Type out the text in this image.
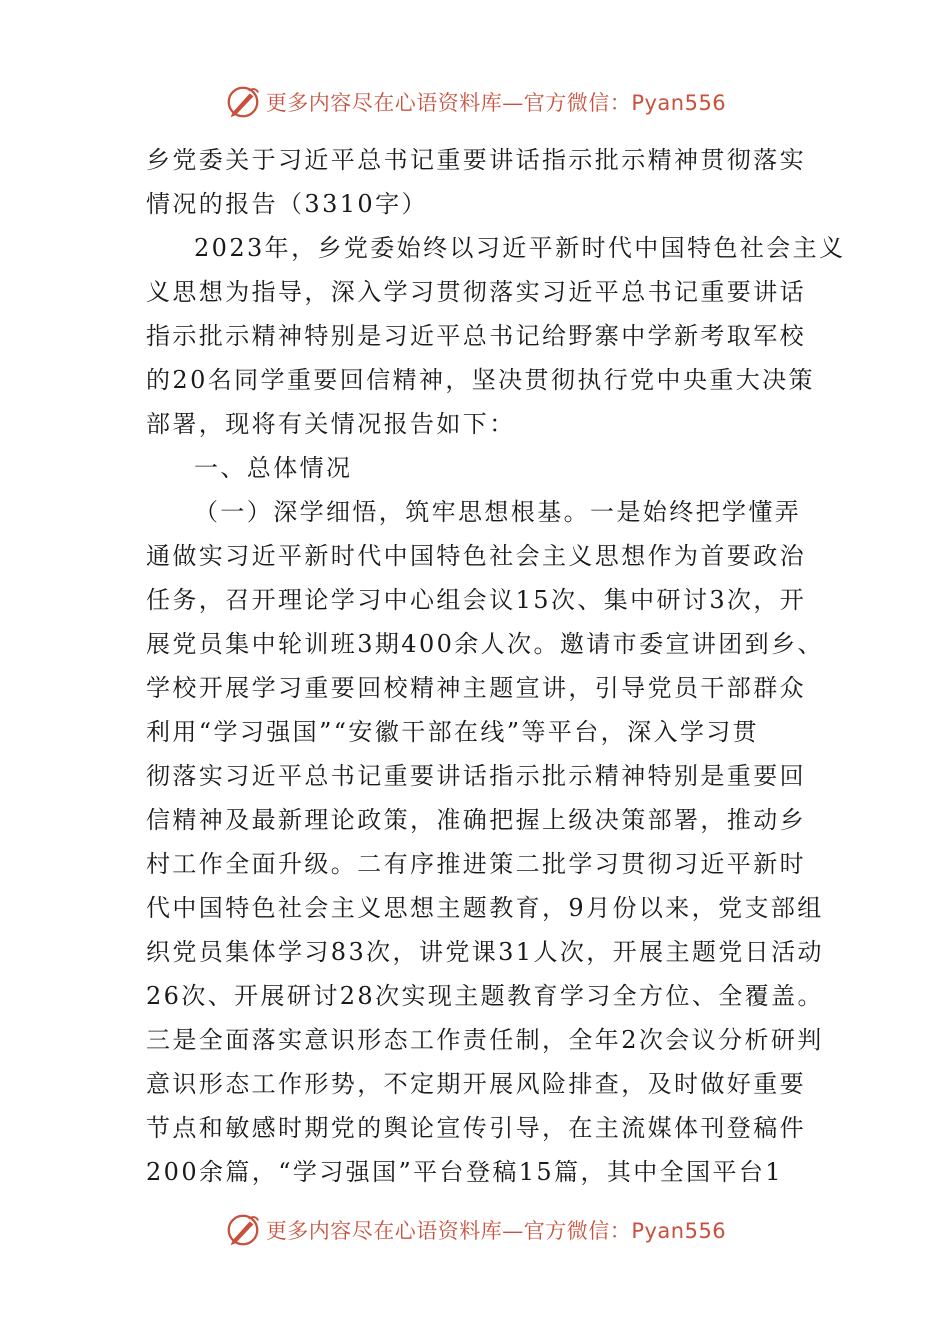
更多内容尽在心语资料库—官方微信：Pyan556
乡党委关于习近平总书记重要讲话指示批示精神贯彻落实
情况的报告（3310字）
2023年，乡党委始终以习近平新时代中国特色社会主义
义思想为指导，深入学习贯彻落实习近平总书记重要讲话
指示批示精神特别是习近平总书记给野寨中学新考取军校
的20名同学重要回信精神，坚决贯彻执行党中央重大决策
部署，现将有关情况报告如下：
一、总体情况
（一）深学细悟，筑牢思想根基。一是始终把学懂弄
通做实习近平新时代中国特色社会主义思想作为首要政治
任务，召开理论学习中心组会议15次、集中研讨3次，开
展党员集中轮训班3期400余人次。邀请市委宣讲团到乡、
学校开展学习重要回校精神主题宣讲，引导党员干部群众
利用“学习强国”“安徽干部在线”等平台，深入学习贯
彻落实习近平总书记重要讲话指示批示精神特别是重要回
信精神及最新理论政策，准确把握上级决策部署，推动乡
村工作全面升级。二有序推进策二批学习贯彻习近平新时
代中国特色社会主义思想主题教育，9月份以来，党支部组
织党员集体学习83次，讲党课31人次，开展主题党日活动
26次、开展研讨28次实现主题教育学习全方位、全覆盖。
三是全面落实意识形态工作责任制，全年2次会议分析研判
意识形态工作形势，不定期开展风险排查，及时做好重要
节点和敏感时期党的舆论宣传引导，在主流媒体刊登稿件
200余篇，“学习强国”平台登稿15篇，其中全国平台1
更多内容尽在心语资料库—官方微信：Pyan556
